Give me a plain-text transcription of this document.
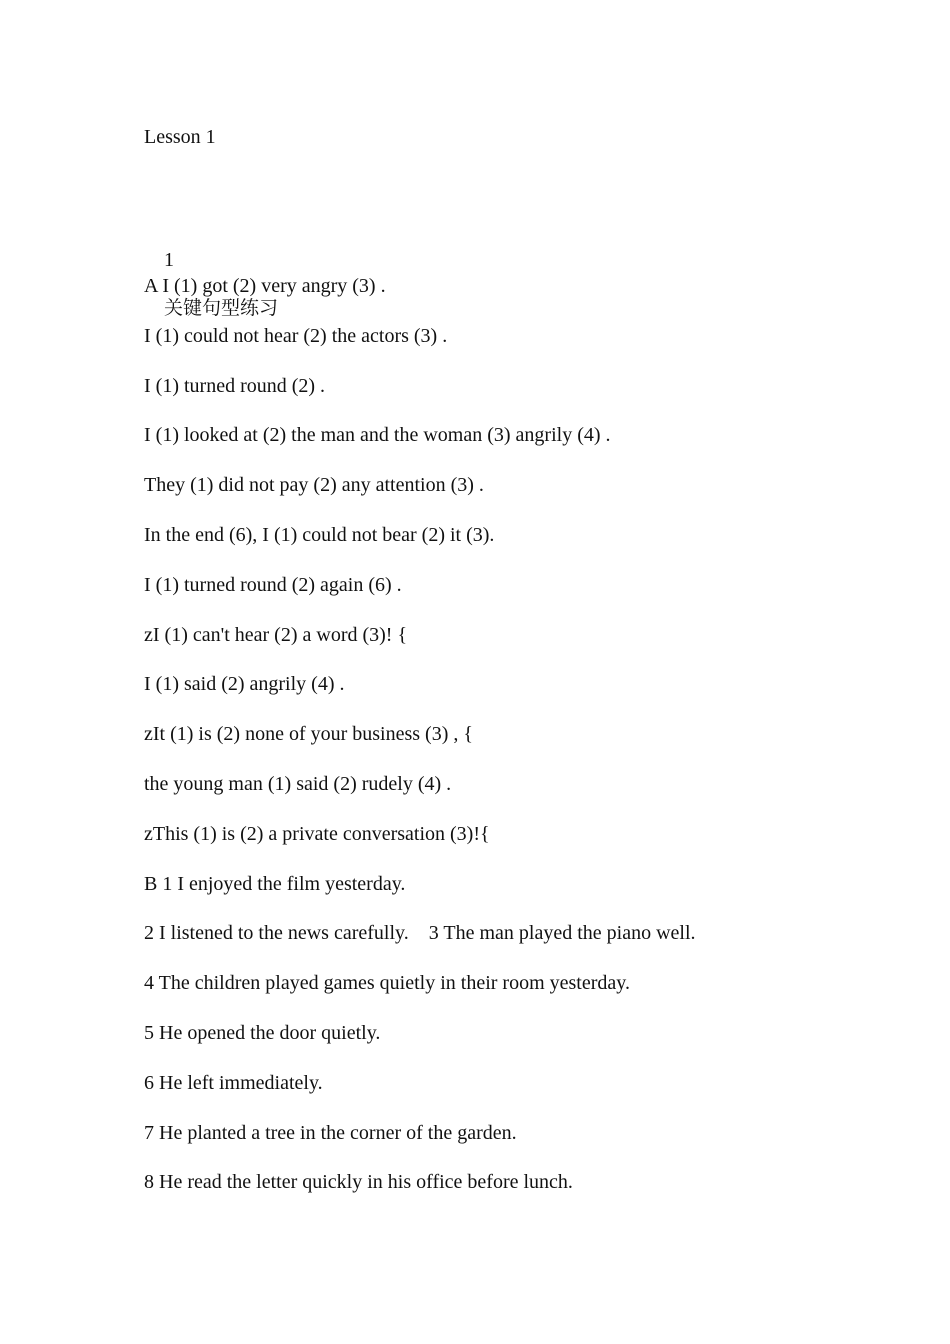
Lesson 1

1

关键句型练习

A I (1) got (2) very angry (3) .
I (1) could not hear (2) the actors (3) .
I (1) turned round (2) .
I (1) looked at (2) the man and the woman (3) angrily (4) .
They (1) did not pay (2) any attention (3) .
In the end (6), I (1) could not bear (2) it (3).
I (1) turned round (2) again (6) .
zI (1) can't hear (2) a word (3)! {
I (1) said (2) angrily (4) .
zIt (1) is (2) none of your business (3) , {
the young man (1) said (2) rudely (4) .
zThis (1) is (2) a private conversation (3)!{
B 1 I enjoyed the film yesterday.
2 I listened to the news carefully.    3 The man played the piano well.
4 The children played games quietly in their room yesterday.
5 He opened the door quietly.
6 He left immediately.
7 He planted a tree in the corner of the garden.
8 He read the letter quickly in his office before lunch.
